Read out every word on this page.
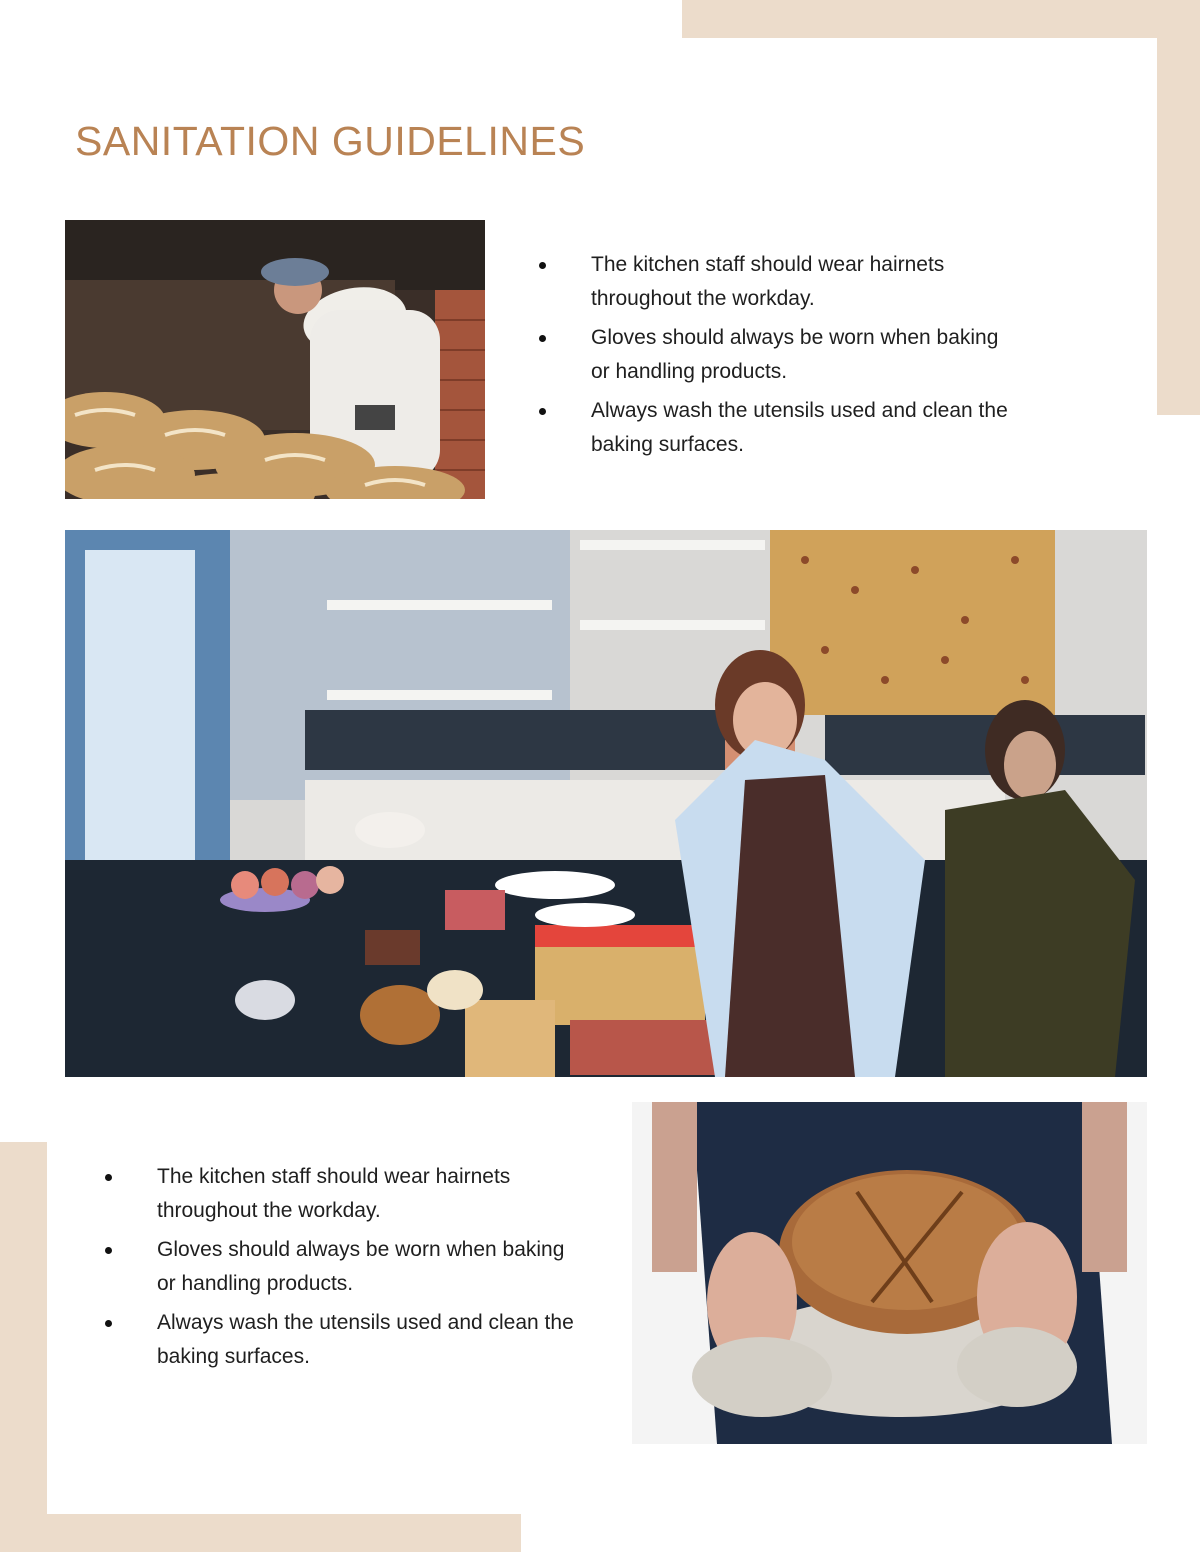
SANITATION GUIDELINES
The kitchen staff should wear hairnets throughout the workday.
Gloves should always be worn when baking or handling products.
Always wash the utensils used and clean the baking surfaces.
The kitchen staff should wear hairnets throughout the workday.
Gloves should always be worn when baking or handling products.
Always wash the utensils used and clean the baking surfaces.
